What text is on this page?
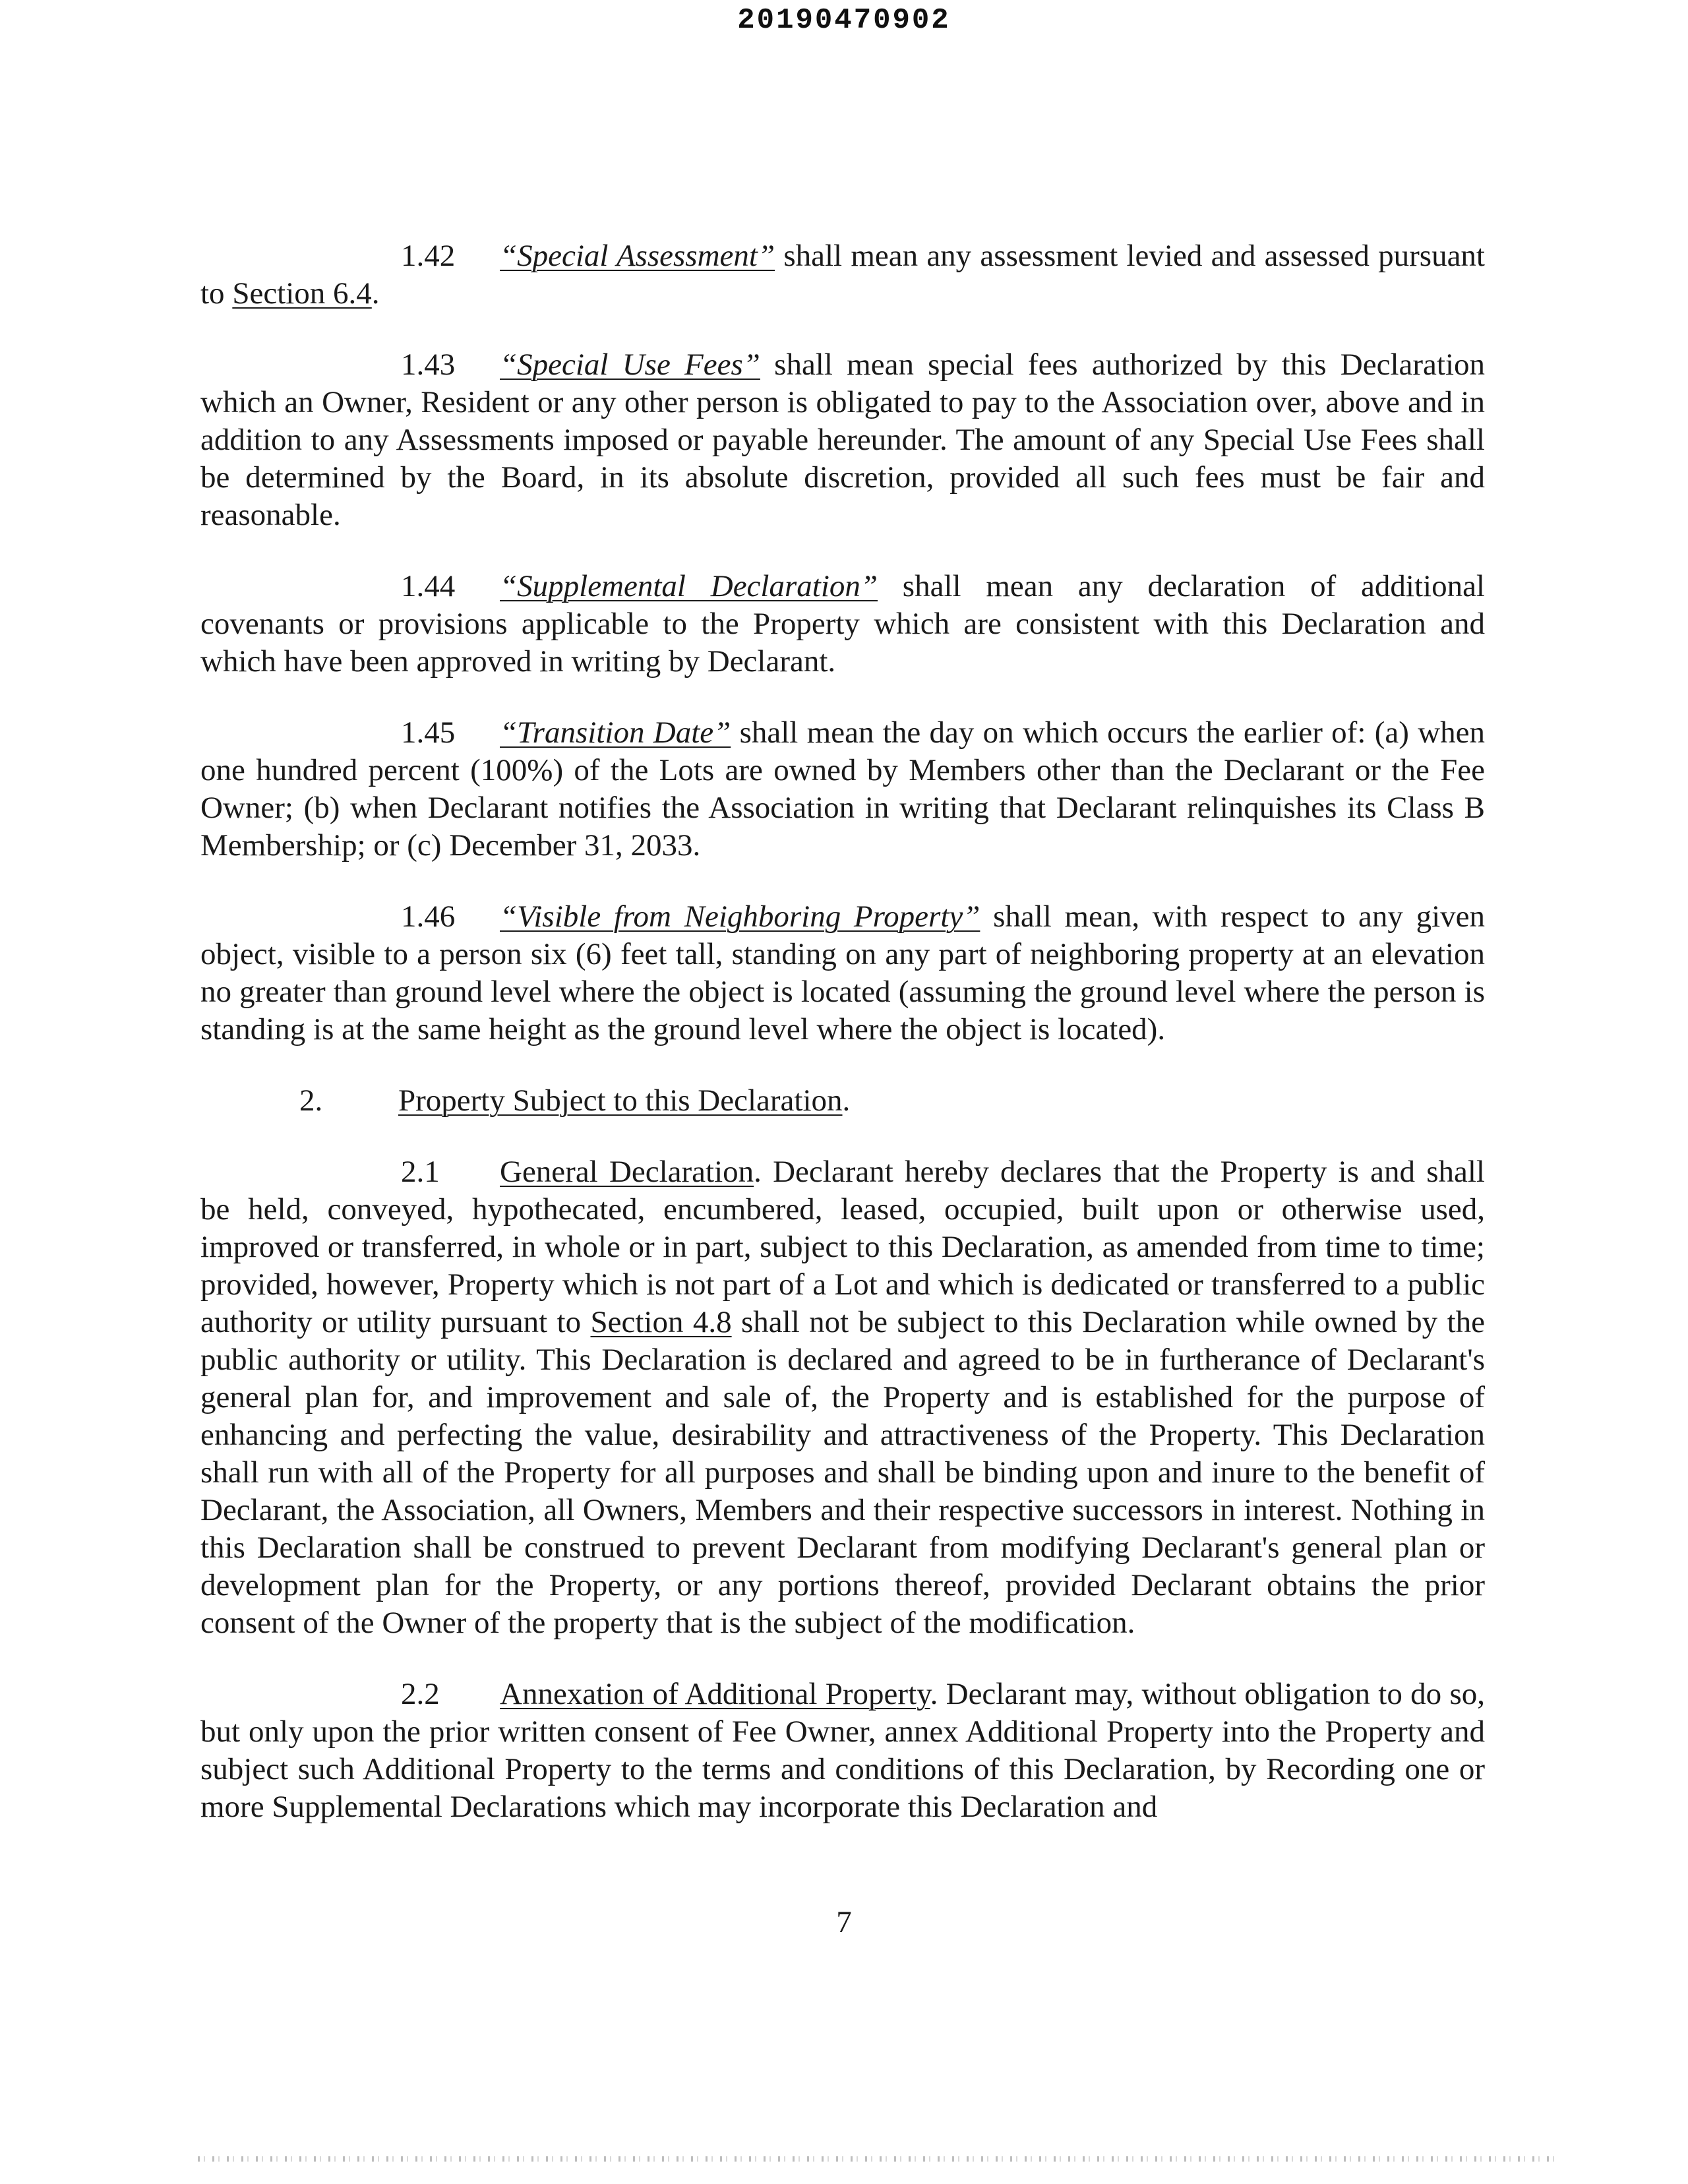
20190470902

1.42 “Special Assessment” shall mean any assessment levied and assessed pursuant to Section 6.4.

1.43 “Special Use Fees” shall mean special fees authorized by this Declaration which an Owner, Resident or any other person is obligated to pay to the Association over, above and in addition to any Assessments imposed or payable hereunder. The amount of any Special Use Fees shall be determined by the Board, in its absolute discretion, provided all such fees must be fair and reasonable.

1.44 “Supplemental Declaration” shall mean any declaration of additional covenants or provisions applicable to the Property which are consistent with this Declaration and which have been approved in writing by Declarant.

1.45 “Transition Date” shall mean the day on which occurs the earlier of: (a) when one hundred percent (100%) of the Lots are owned by Members other than the Declarant or the Fee Owner; (b) when Declarant notifies the Association in writing that Declarant relinquishes its Class B Membership; or (c) December 31, 2033.

1.46 “Visible from Neighboring Property” shall mean, with respect to any given object, visible to a person six (6) feet tall, standing on any part of neighboring property at an elevation no greater than ground level where the object is located (assuming the ground level where the person is standing is at the same height as the ground level where the object is located).

2. Property Subject to this Declaration.

2.1 General Declaration. Declarant hereby declares that the Property is and shall be held, conveyed, hypothecated, encumbered, leased, occupied, built upon or otherwise used, improved or transferred, in whole or in part, subject to this Declaration, as amended from time to time; provided, however, Property which is not part of a Lot and which is dedicated or transferred to a public authority or utility pursuant to Section 4.8 shall not be subject to this Declaration while owned by the public authority or utility. This Declaration is declared and agreed to be in furtherance of Declarant's general plan for, and improvement and sale of, the Property and is established for the purpose of enhancing and perfecting the value, desirability and attractiveness of the Property. This Declaration shall run with all of the Property for all purposes and shall be binding upon and inure to the benefit of Declarant, the Association, all Owners, Members and their respective successors in interest. Nothing in this Declaration shall be construed to prevent Declarant from modifying Declarant's general plan or development plan for the Property, or any portions thereof, provided Declarant obtains the prior consent of the Owner of the property that is the subject of the modification.

2.2 Annexation of Additional Property. Declarant may, without obligation to do so, but only upon the prior written consent of Fee Owner, annex Additional Property into the Property and subject such Additional Property to the terms and conditions of this Declaration, by Recording one or more Supplemental Declarations which may incorporate this Declaration and

7
